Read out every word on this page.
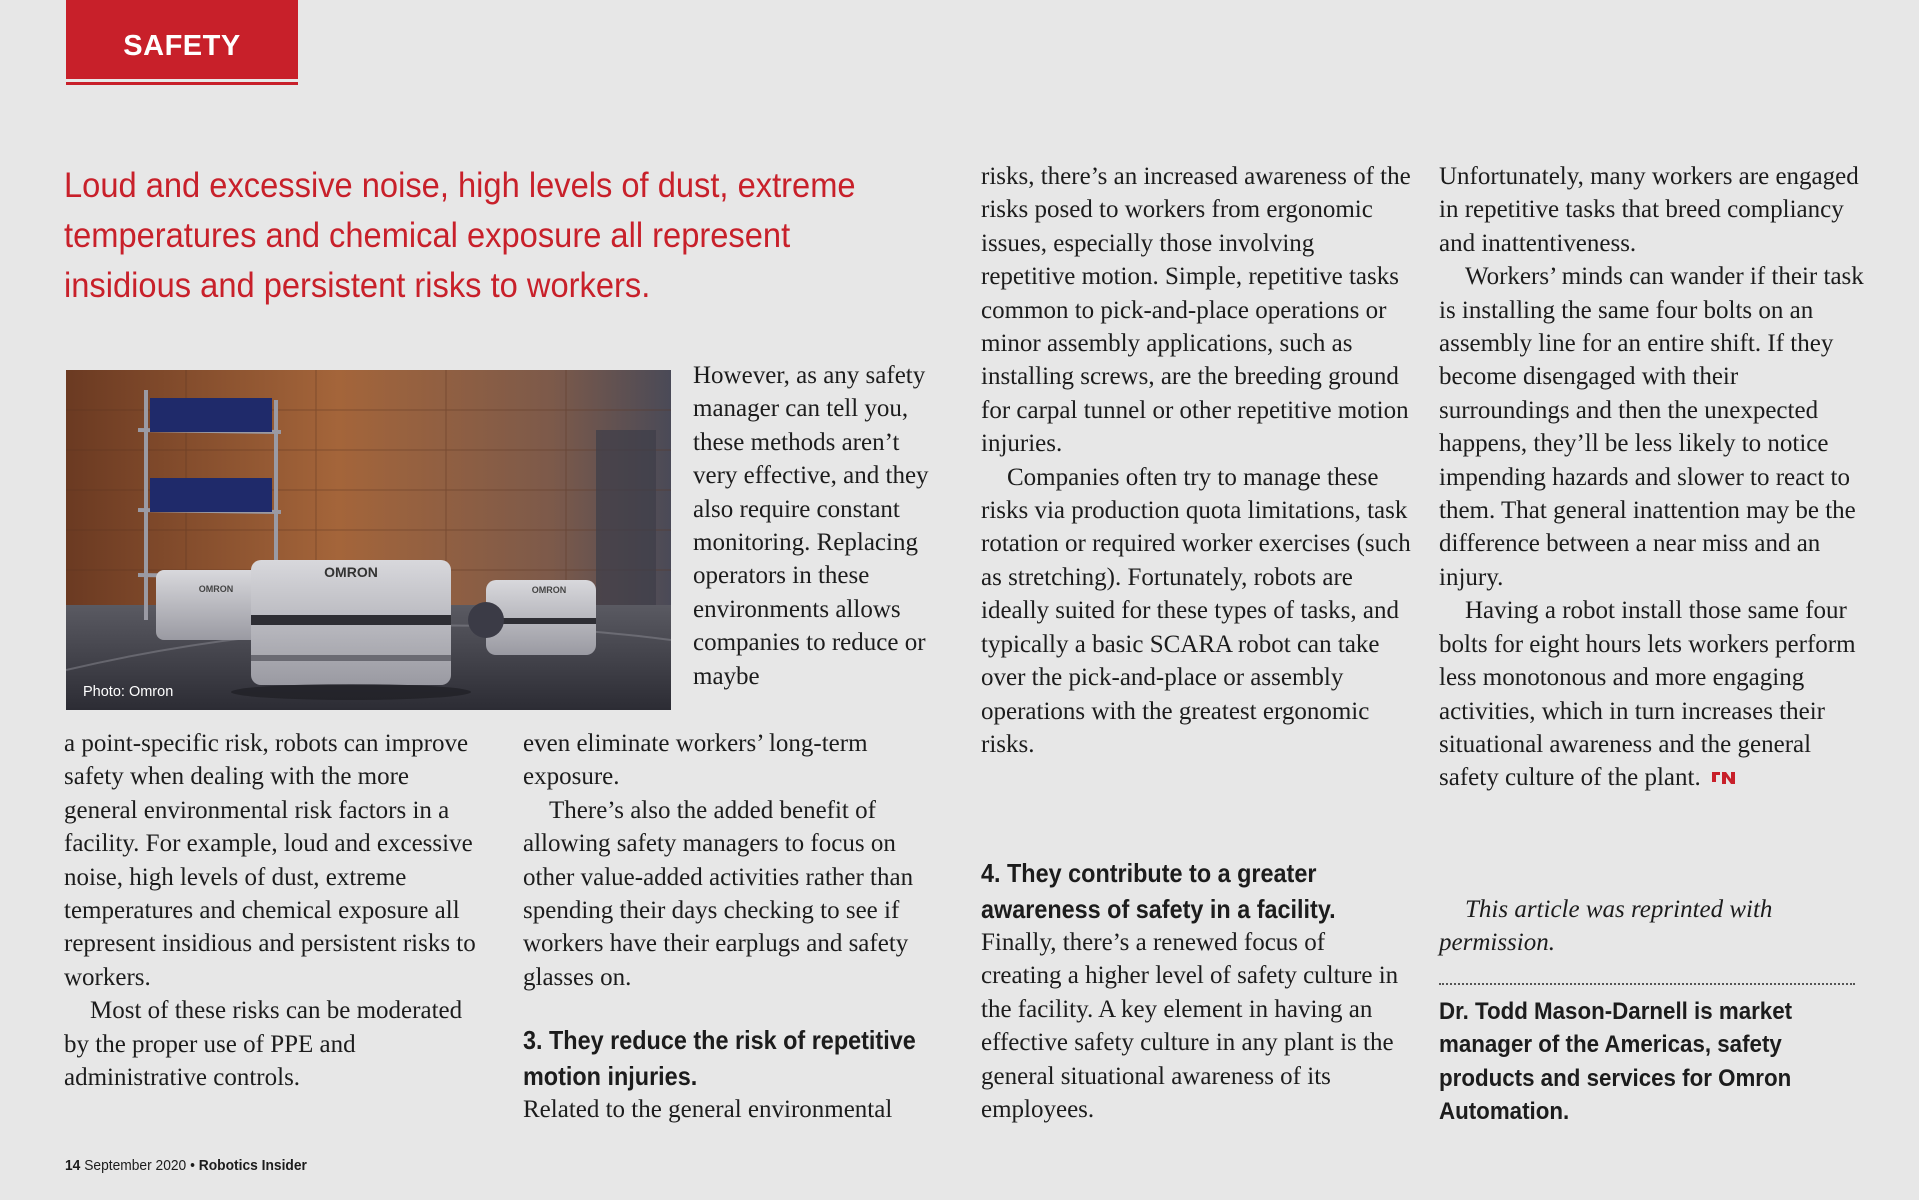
SAFETY
Loud and excessive noise, high levels of dust, extreme temperatures and chemical exposure all represent insidious and persistent risks to workers.
OMRON
OMRON
OMRON
Photo: Omron

a point-specific risk, robots can improve safety when dealing with the more general environmental risk factors in a facility. For example, loud and excessive noise, high levels of dust, extreme temperatures and chemical exposure all represent insidious and persistent risks to workers.

Most of these risks can be moderated by the proper use of PPE and administrative controls.

However, as any safety manager can tell you, these methods aren’t very effective, and they also require constant monitoring. Replacing operators in these environments allows companies to reduce or maybe

even eliminate workers’ long-term exposure.

There’s also the added benefit of allowing safety managers to focus on other value-added activities rather than spending their days checking to see if workers have their earplugs and safety glasses on.

3. They reduce the risk of repetitive motion injuries.
Related to the general environmental

risks, there’s an increased awareness of the risks posed to workers from ergonomic issues, especially those involving repetitive motion. Simple, repetitive tasks common to pick-and-place operations or minor assembly applications, such as installing screws, are the breeding ground for carpal tunnel or other repetitive motion injuries.

Companies often try to manage these risks via production quota limitations, task rotation or required worker exercises (such as stretching). Fortunately, robots are ideally suited for these types of tasks, and typically a basic SCARA robot can take over the pick-and-place or assembly operations with the greatest ergonomic risks.

4. They contribute to a greater awareness of safety in a facility.
Finally, there’s a renewed focus of creating a higher level of safety culture in the facility. A key element in having an effective safety culture in any plant is the general situational awareness of its employees.

Unfortunately, many workers are engaged in repetitive tasks that breed compliancy and inattentiveness.

Workers’ minds can wander if their task is installing the same four bolts on an assembly line for an entire shift. If they become disengaged with their surroundings and then the unexpected happens, they’ll be less likely to notice impending hazards and slower to react to them. That general inattention may be the difference between a near miss and an injury.

Having a robot install those same four bolts for eight hours lets workers perform less monotonous and more engaging activities, which in turn increases their situational awareness and the general safety culture of the plant.

This article was reprinted with permission.

Dr. Todd Mason-Darnell is market manager of the Americas, safety products and services for Omron Automation.
14 September 2020 • Robotics Insider
